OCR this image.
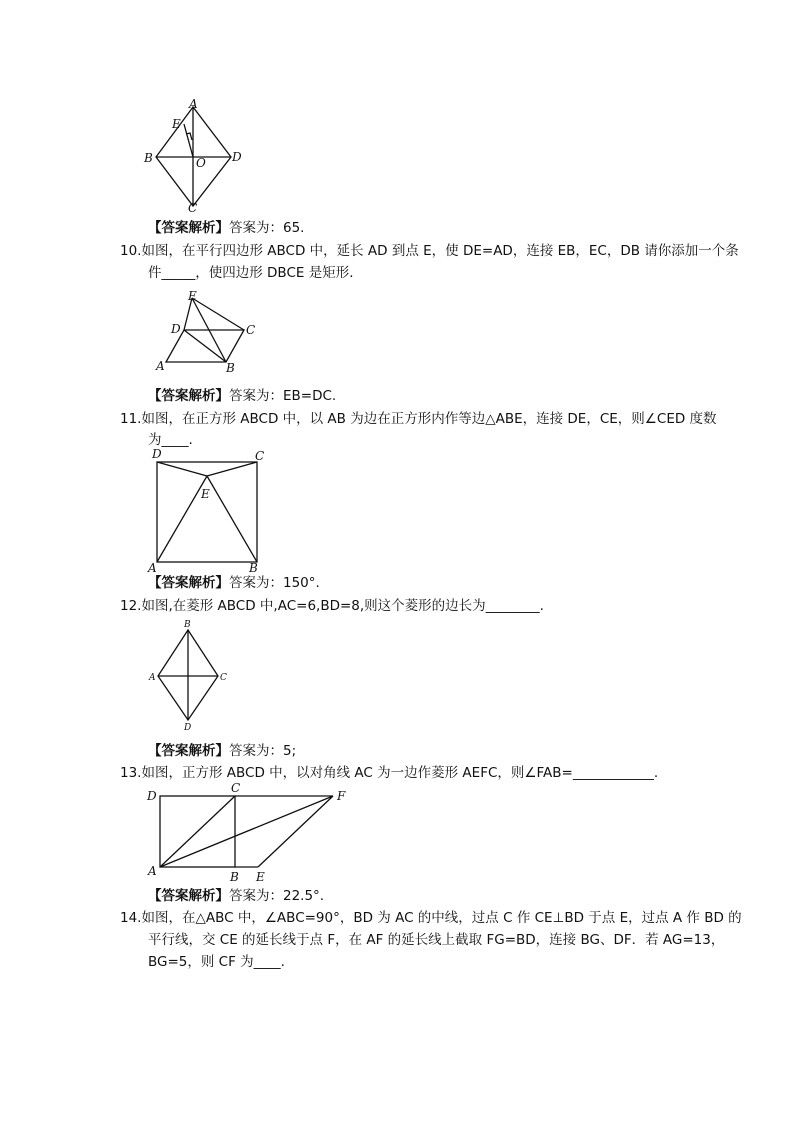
A
E
B	O D
C
【答案解析】答案为：65.
10.如图，在平行四边形 ABCD 中，延长 AD 到点 E，使 DE=AD，连接 EB，EC，DB 请你添加一个条
件_____，使四边形 DBCE 是矩形.
E
D	C
A	B
【答案解析】答案为：EB=DC.
11.如图，在正方形 ABCD 中，以 AB 为边在正方形内作等边△ABE，连接 DE，CE，则∠CED 度数
为____.
D	C
E
A	B
【答案解析】答案为：150°.
12.如图,在菱形 ABCD 中,AC=6,BD=8,则这个菱形的边长为________.
B
A	C
D
【答案解析】答案为：5;
13.如图，正方形 ABCD 中，以对角线 AC 为一边作菱形 AEFC，则∠FAB=____________.
D
C
F
A	B E
【答案解析】答案为：22.5°.
14.如图，在△ABC 中，∠ABC=90°，BD 为 AC 的中线，过点 C 作 CE⊥BD 于点 E，过点 A 作 BD 的
平行线，交 CE 的延长线于点 F，在 AF 的延长线上截取 FG=BD，连接 BG、DF．若 AG=13，
BG=5，则 CF 为____.
